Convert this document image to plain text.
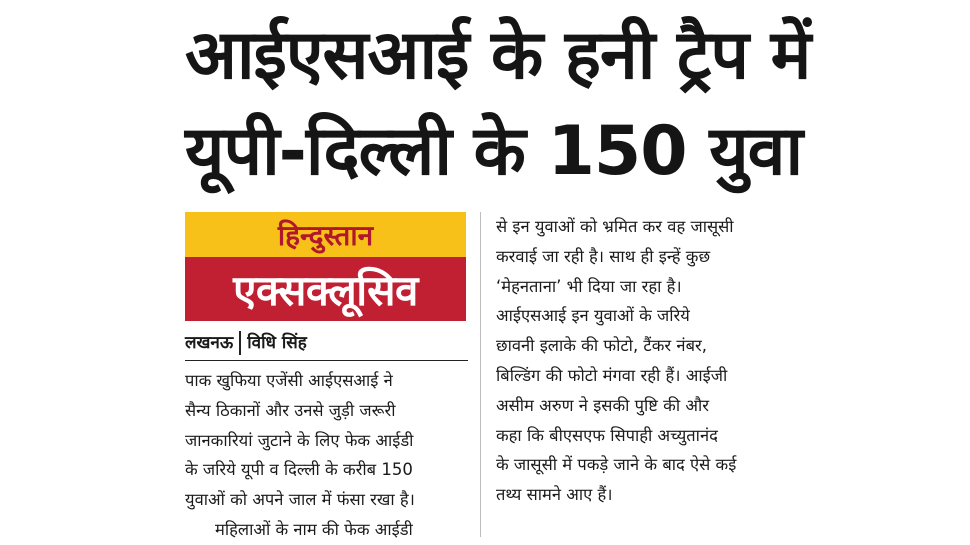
आईएसआई के हनी ट्रैप में
यूपी-दिल्ली के 150 युवा
हिन्दुस्तान
एक्सक्लूसिव
लखनऊ विधि सिंह
पाक खुफिया एजेंसी आईएसआई ने
सैन्य ठिकानों और उनसे जुड़ी जरूरी
जानकारियां जुटाने के लिए फेक आईडी
के जरिये यूपी व दिल्ली के करीब 150
युवाओं को अपने जाल में फंसा रखा है।
महिलाओं के नाम की फेक आईडी
से इन युवाओं को भ्रमित कर वह जासूसी
करवाई जा रही है। साथ ही इन्हें कुछ
‘मेहनताना’ भी दिया जा रहा है।
आईएसआई इन युवाओं के जरिये
छावनी इलाके की फोटो, टैंकर नंबर,
बिल्डिंग की फोटो मंगवा रही हैं। आईजी
असीम अरुण ने इसकी पुष्टि की और
कहा कि बीएसएफ सिपाही अच्युतानंद
के जासूसी में पकड़े जाने के बाद ऐसे कई
तथ्य सामने आए हैं।
